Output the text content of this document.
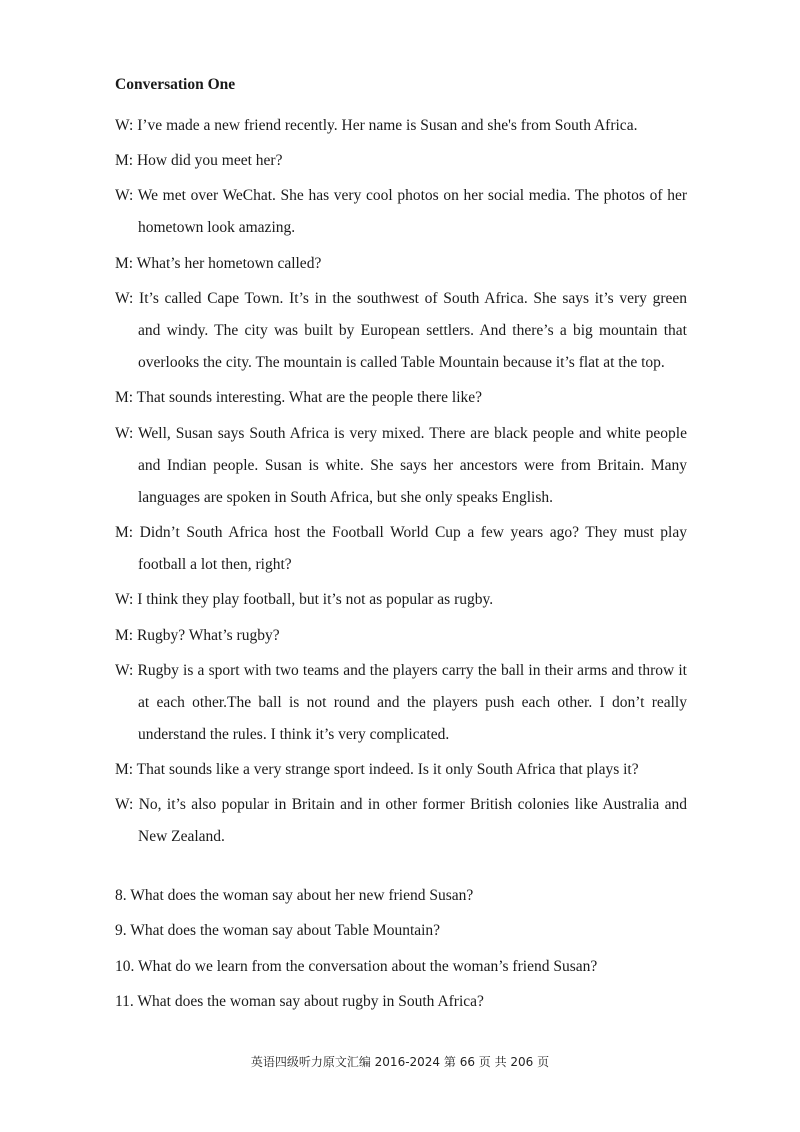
Conversation One

W: I’ve made a new friend recently. Her name is Susan and she's from South Africa.

M: How did you meet her?

W: We met over WeChat. She has very cool photos on her social media. The photos of her

hometown look amazing.

M: What’s her hometown called?

W: It’s called Cape Town. It’s in the southwest of South Africa. She says it’s very green

and windy. The city was built by European settlers. And there’s a big mountain that

overlooks the city. The mountain is called Table Mountain because it’s flat at the top.

M: That sounds interesting. What are the people there like?

W: Well, Susan says South Africa is very mixed. There are black people and white people

and Indian people. Susan is white. She says her ancestors were from Britain. Many

languages are spoken in South Africa, but she only speaks English.

M: Didn’t South Africa host the Football World Cup a few years ago? They must play

football a lot then, right?

W: I think they play football, but it’s not as popular as rugby.

M: Rugby? What’s rugby?

W: Rugby is a sport with two teams and the players carry the ball in their arms and throw it

at each other.The ball is not round and the players push each other. I don’t really

understand the rules. I think it’s very complicated.

M: That sounds like a very strange sport indeed. Is it only South Africa that plays it?

W: No, it’s also popular in Britain and in other former British colonies like Australia and

New Zealand.

8. What does the woman say about her new friend Susan?

9. What does the woman say about Table Mountain?

10. What do we learn from the conversation about the woman’s friend Susan?

11. What does the woman say about rugby in South Africa?

英语四级听力原文汇编 2016-2024 第 66 页 共 206 页
